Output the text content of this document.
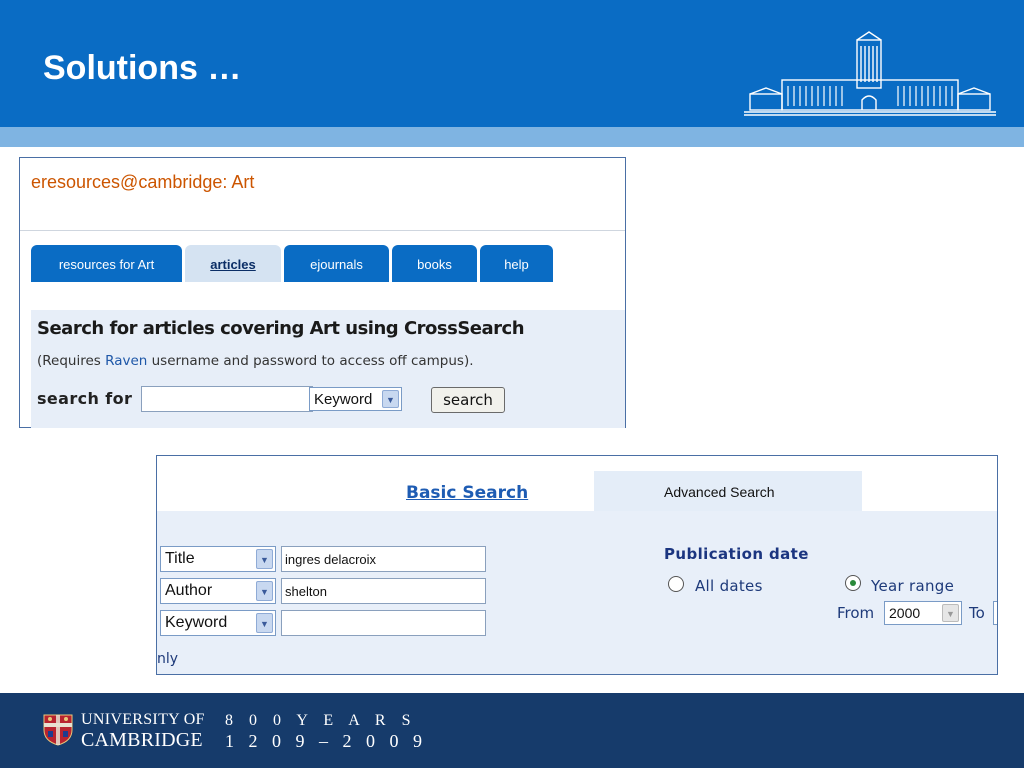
Solutions …
eresources@cambridge: Art
resources for Art	articles	ejournals	books	help
Search for articles covering Art using CrossSearch
(Requires Raven username and password to access off campus).
search for	search
Keyword	▼
Basic Search	Advanced Search
Title	▼
ingres delacroix
Author	▼
shelton
Keyword	▼
Publication date
All dates	Year range
From 2000	▼ To
nly
UNIVERSITY OF
CAMBRIDGE
8 0 0 Y E A R S
1 2 0 9 – 2 0 0 9
